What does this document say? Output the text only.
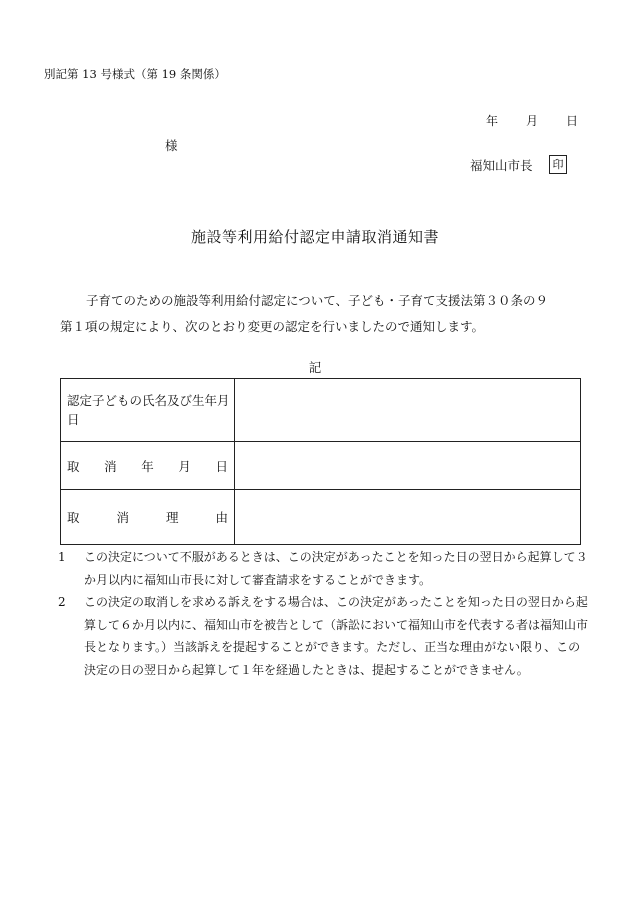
別記第 13 号様式（第 19 条関係）
年 月 日
様
福知山市長	印
施設等利用給付認定申請取消通知書
子育てのための施設等利用給付認定について、子ども・子育て支援法第３０条の９
第１項の規定により、次のとおり変更の認定を行いましたので通知します。
記
認定子どもの氏名及び生年月日	

取 消 年 月 日	

取 消 理 由	

1	この決定について不服があるときは、この決定があったことを知った日の翌日から起算して３か月以内に福知山市長に対して審査請求をすることができます。
2	この決定の取消しを求める訴えをする場合は、この決定があったことを知った日の翌日から起算して６か月以内に、福知山市を被告として（訴訟において福知山市を代表する者は福知山市長となります。）当該訴えを提起することができます。ただし、正当な理由がない限り、この決定の日の翌日から起算して１年を経過したときは、提起することができません。
